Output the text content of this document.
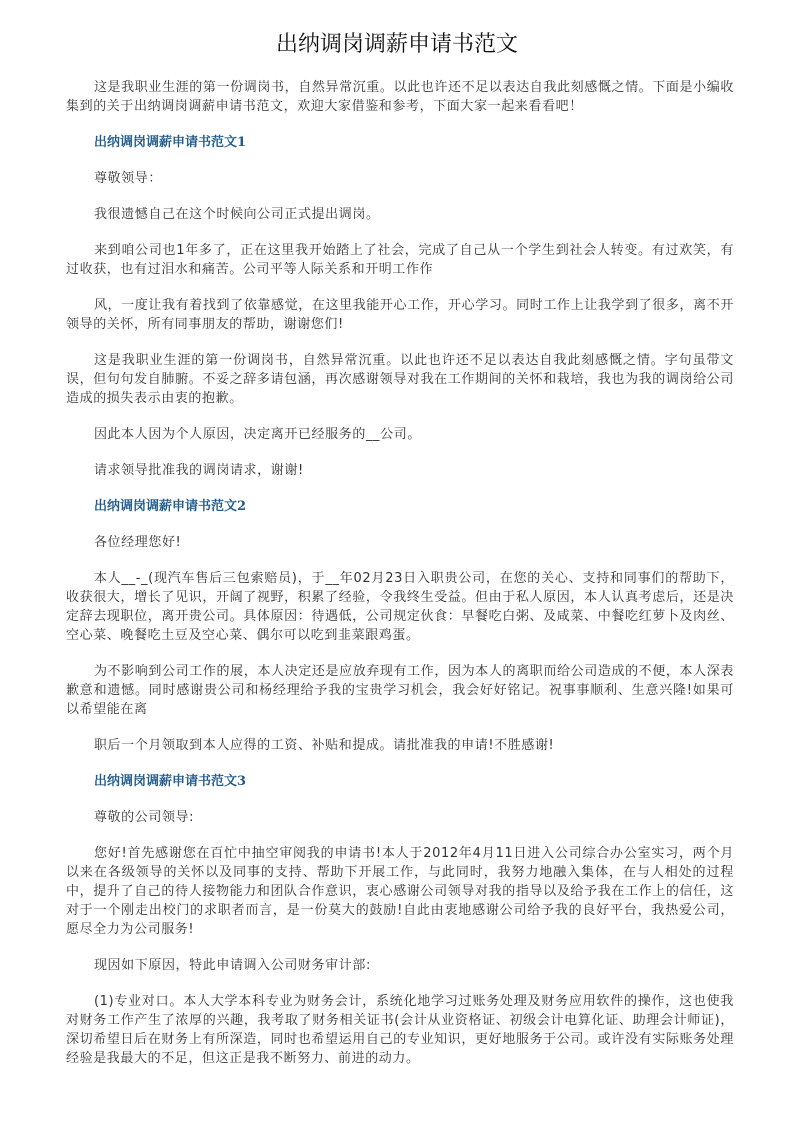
出纳调岗调薪申请书范文

这是我职业生涯的第一份调岗书，自然异常沉重。以此也许还不足以表达自我此刻感慨之情。下面是小编收集到的关于出纳调岗调薪申请书范文，欢迎大家借鉴和参考，下面大家一起来看看吧！

出纳调岗调薪申请书范文1

尊敬领导：

我很遗憾自己在这个时候向公司正式提出调岗。

来到咱公司也1年多了，正在这里我开始踏上了社会，完成了自己从一个学生到社会人转变。有过欢笑，有过收获，也有过泪水和痛苦。公司平等人际关系和开明工作作

风，一度让我有着找到了依靠感觉，在这里我能开心工作，开心学习。同时工作上让我学到了很多，离不开领导的关怀，所有同事朋友的帮助，谢谢您们!

这是我职业生涯的第一份调岗书，自然异常沉重。以此也许还不足以表达自我此刻感慨之情。字句虽带文误，但句句发自肺腑。不妥之辞多请包涵，再次感谢领导对我在工作期间的关怀和栽培，我也为我的调岗给公司造成的损失表示由衷的抱歉。

因此本人因为个人原因，决定离开已经服务的__公司。

请求领导批准我的调岗请求，谢谢!

出纳调岗调薪申请书范文2

各位经理您好!

本人__-_(现汽车售后三包索赔员)，于__年02月23日入职贵公司，在您的关心、支持和同事们的帮助下，收获很大，增长了见识，开阔了视野，积累了经验，令我终生受益。但由于私人原因，本人认真考虑后，还是决定辞去现职位，离开贵公司。具体原因：待遇低，公司规定伙食：早餐吃白粥、及咸菜、中餐吃红萝卜及肉丝、空心菜、晚餐吃土豆及空心菜、偶尔可以吃到韭菜跟鸡蛋。

为不影响到公司工作的展，本人决定还是应放弃现有工作，因为本人的离职而给公司造成的不便，本人深表歉意和遗憾。同时感谢贵公司和杨经理给予我的宝贵学习机会，我会好好铭记。祝事事顺利、生意兴隆!如果可以希望能在离

职后一个月领取到本人应得的工资、补贴和提成。请批准我的申请!不胜感谢!

出纳调岗调薪申请书范文3

尊敬的公司领导:

您好!首先感谢您在百忙中抽空审阅我的申请书!本人于2012年4月11日进入公司综合办公室实习，两个月以来在各级领导的关怀以及同事的支持、帮助下开展工作，与此同时，我努力地融入集体，在与人相处的过程中，提升了自己的待人接物能力和团队合作意识，衷心感谢公司领导对我的指导以及给予我在工作上的信任，这对于一个刚走出校门的求职者而言，是一份莫大的鼓励!自此由衷地感谢公司给予我的良好平台，我热爱公司，愿尽全力为公司服务!

现因如下原因，特此申请调入公司财务审计部:

(1)专业对口。本人大学本科专业为财务会计，系统化地学习过账务处理及财务应用软件的操作，这也使我对财务工作产生了浓厚的兴趣，我考取了财务相关证书(会计从业资格证、初级会计电算化证、助理会计师证)，深切希望日后在财务上有所深造，同时也希望运用自己的专业知识，更好地服务于公司。或许没有实际账务处理经验是我最大的不足，但这正是我不断努力、前进的动力。
